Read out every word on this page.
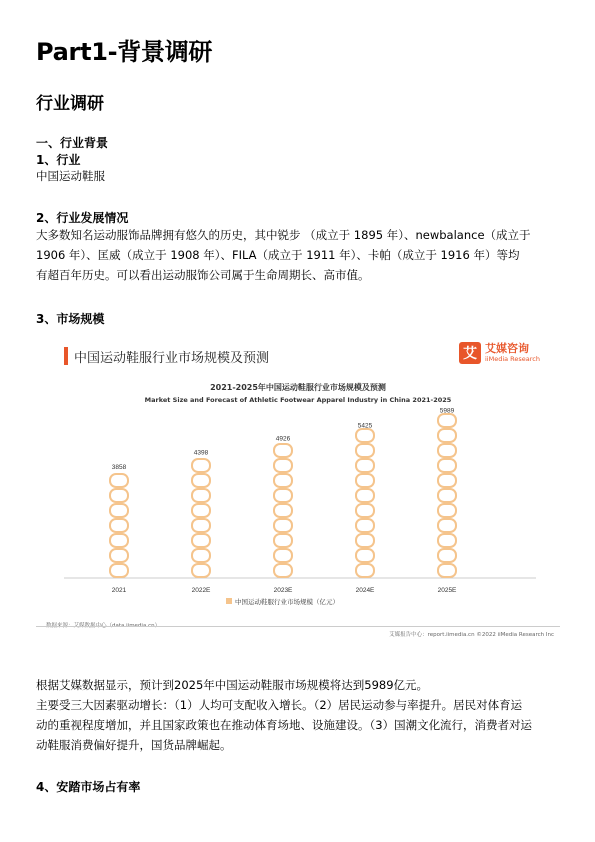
Part1-背景调研
行业调研
一、行业背景
1、行业
中国运动鞋服
2、行业发展情况
大多数知名运动服饰品牌拥有悠久的历史，其中锐步 （成立于 1895 年）、newbalance（成立于
1906 年）、匡威（成立于 1908 年）、FILA（成立于 1911 年）、卡帕（成立于 1916 年）等均
有超百年历史。可以看出运动服饰公司属于生命周期长、高市值。
3、市场规模
中国运动鞋服行业市场规模及预测	艾 艾媒咨询
iiMedia Research
2021-2025年中国运动鞋服行业市场规模及预测
Market Size and Forecast of Athletic Footwear Apparel Industry in China 2021-2025
3858
2021
4398
2022E
4926
2023E
5425
2024E
5989
2025E
中国运动鞋服行业市场规模（亿元）
艾媒报告中心：report.iimedia.cn ©2022 iiMedia Research Inc
根据艾媒数据显示，预计到2025年中国运动鞋服市场规模将达到5989亿元。
主要受三大因素驱动增长：（1）人均可支配收入增长。（2）居民运动参与率提升。居民对体育运
动的重视程度增加，并且国家政策也在推动体育场地、设施建设。（3）国潮文化流行，消费者对运
动鞋服消费偏好提升，国货品牌崛起。
4、安踏市场占有率
